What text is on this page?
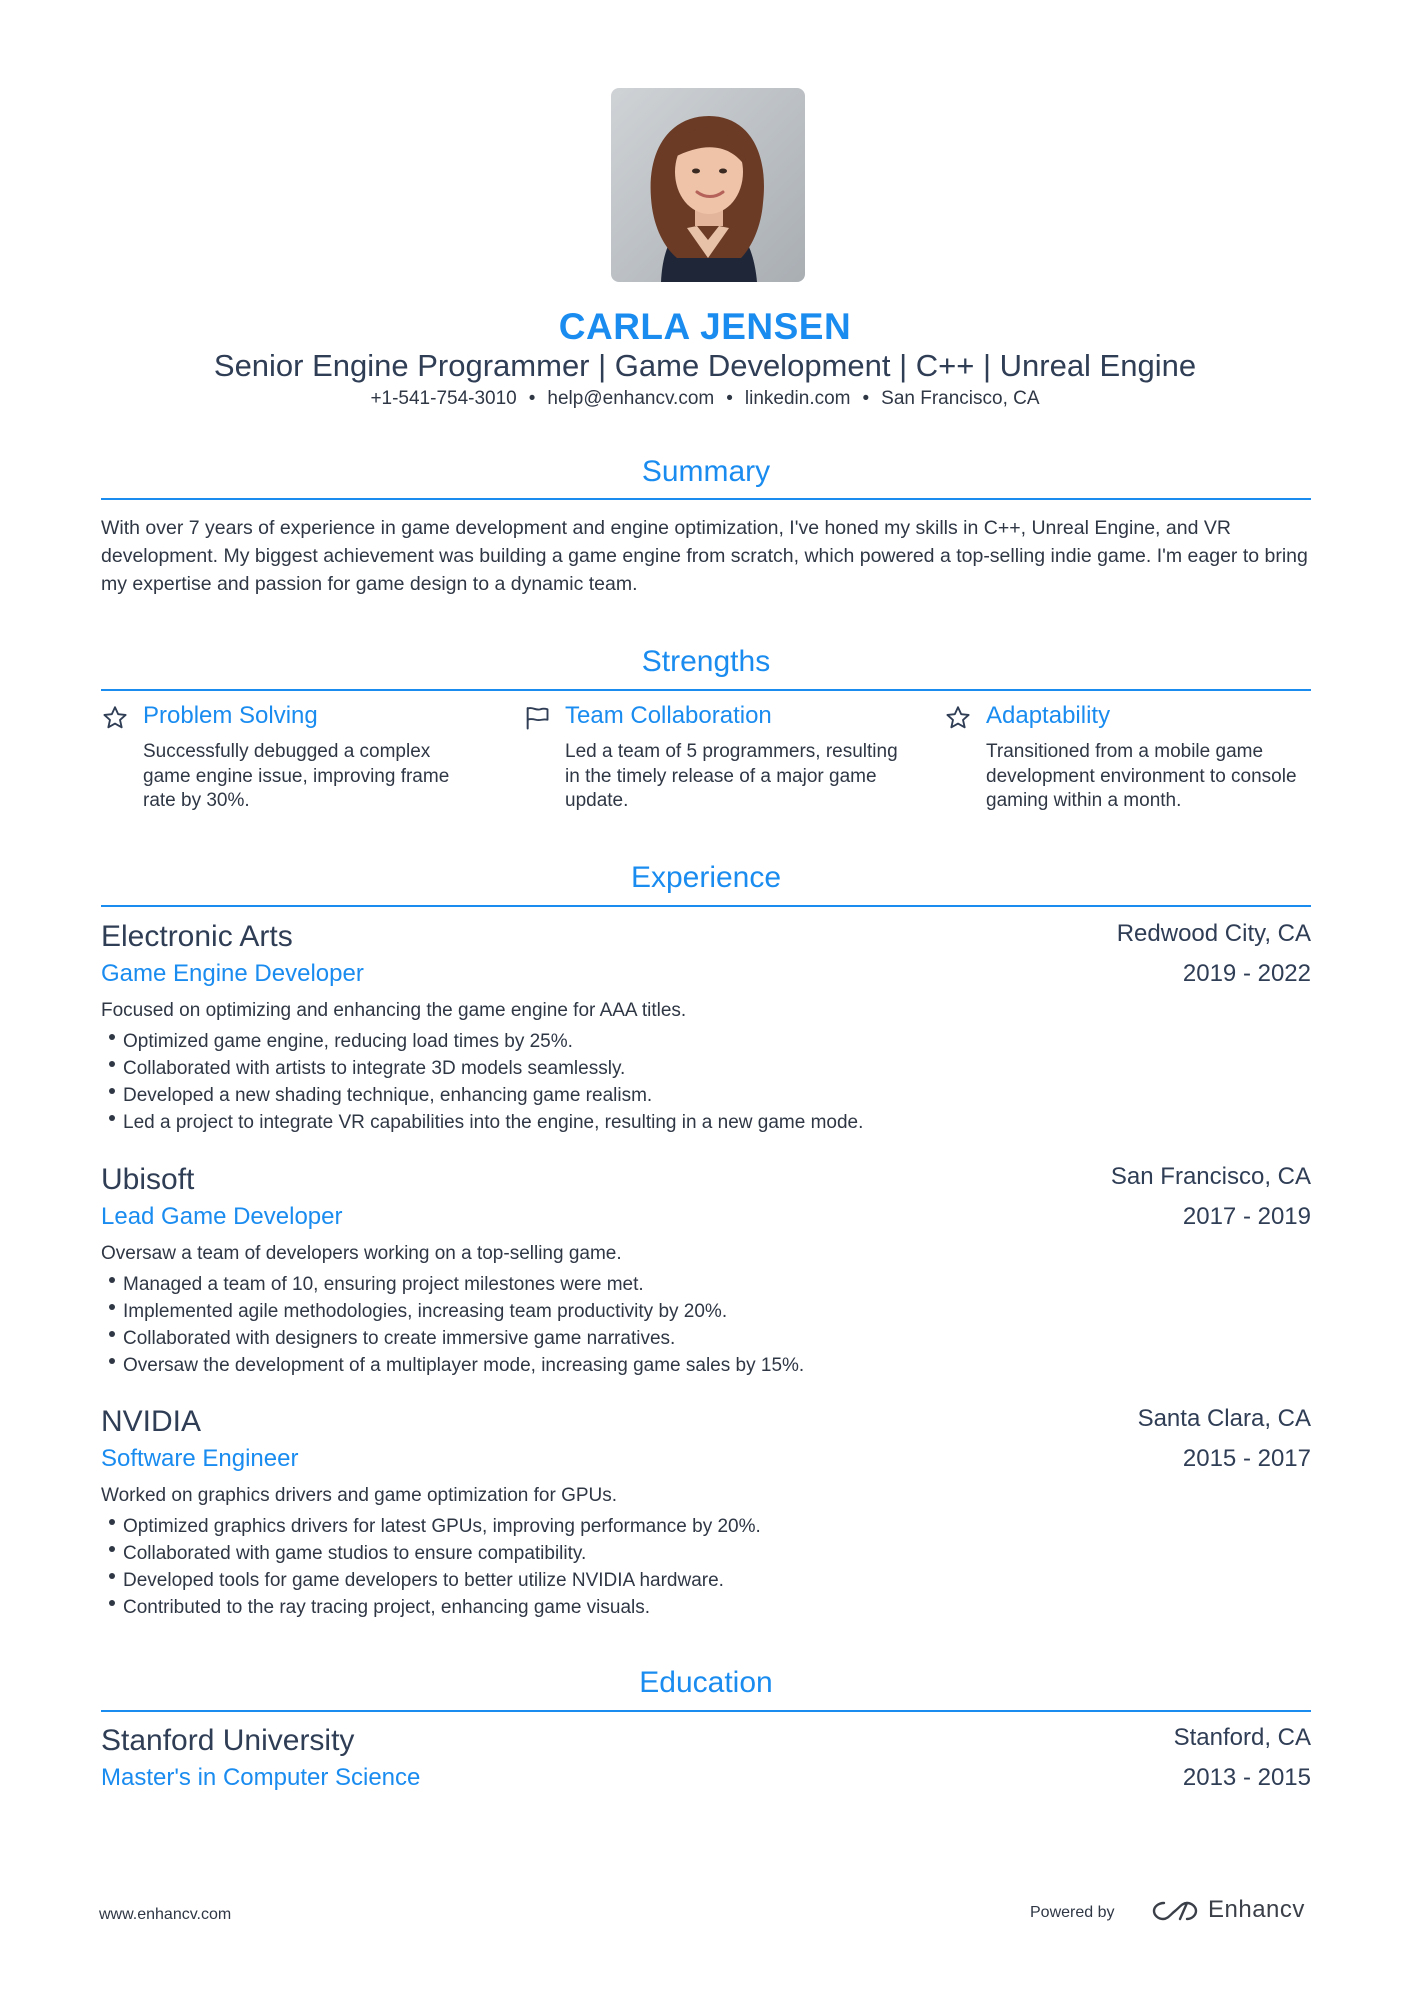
CARLA JENSEN
Senior Engine Programmer | Game Development | C++ | Unreal Engine
+1-541-754-3010 • help@enhancv.com • linkedin.com • San Francisco, CA
Summary
With over 7 years of experience in game development and engine optimization, I've honed my skills in C++, Unreal Engine, and VR development. My biggest achievement was building a game engine from scratch, which powered a top-selling indie game. I'm eager to bring my expertise and passion for game design to a dynamic team.
Strengths
Problem Solving
Successfully debugged a complex game engine issue, improving frame rate by 30%.
Team Collaboration
Led a team of 5 programmers, resulting in the timely release of a major game update.
Adaptability
Transitioned from a mobile game development environment to console gaming within a month.
Experience
Electronic Arts	Redwood City, CA
Game Engine Developer	2019 - 2022
Focused on optimizing and enhancing the game engine for AAA titles.
Optimized game engine, reducing load times by 25%.
Collaborated with artists to integrate 3D models seamlessly.
Developed a new shading technique, enhancing game realism.
Led a project to integrate VR capabilities into the engine, resulting in a new game mode.
Ubisoft	San Francisco, CA
Lead Game Developer	2017 - 2019
Oversaw a team of developers working on a top-selling game.
Managed a team of 10, ensuring project milestones were met.
Implemented agile methodologies, increasing team productivity by 20%.
Collaborated with designers to create immersive game narratives.
Oversaw the development of a multiplayer mode, increasing game sales by 15%.
NVIDIA	Santa Clara, CA
Software Engineer	2015 - 2017
Worked on graphics drivers and game optimization for GPUs.
Optimized graphics drivers for latest GPUs, improving performance by 20%.
Collaborated with game studios to ensure compatibility.
Developed tools for game developers to better utilize NVIDIA hardware.
Contributed to the ray tracing project, enhancing game visuals.
Education
Stanford University	Stanford, CA
Master's in Computer Science	2013 - 2015
www.enhancv.com	Powered by	Enhancv
